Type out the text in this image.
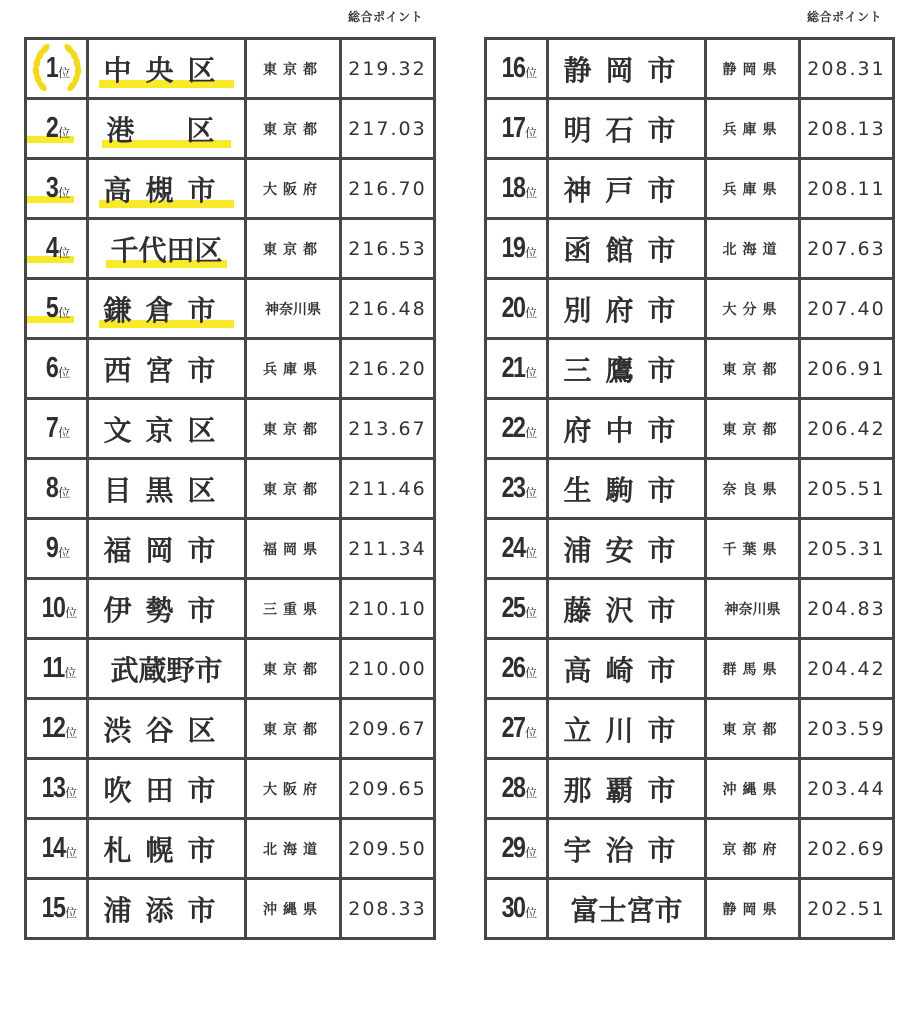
総合ポイント	総合ポイント
1位	中央区	東京都	219.32
2位	港　区	東京都	217.03
3位	高槻市	大阪府	216.70
4位	千代田区	東京都	216.53
5位	鎌倉市	神奈川県	216.48
6位	西宮市	兵庫県	216.20
7位	文京区	東京都	213.67
8位	目黒区	東京都	211.46
9位	福岡市	福岡県	211.34
10位	伊勢市	三重県	210.10
11位	武蔵野市	東京都	210.00
12位	渋谷区	東京都	209.67
13位	吹田市	大阪府	209.65
14位	札幌市	北海道	209.50
15位	浦添市	沖縄県	208.33
16位	静岡市	静岡県	208.31
17位	明石市	兵庫県	208.13
18位	神戸市	兵庫県	208.11
19位	函館市	北海道	207.63
20位	別府市	大分県	207.40
21位	三鷹市	東京都	206.91
22位	府中市	東京都	206.42
23位	生駒市	奈良県	205.51
24位	浦安市	千葉県	205.31
25位	藤沢市	神奈川県	204.83
26位	高崎市	群馬県	204.42
27位	立川市	東京都	203.59
28位	那覇市	沖縄県	203.44
29位	宇治市	京都府	202.69
30位	富士宮市	静岡県	202.51
